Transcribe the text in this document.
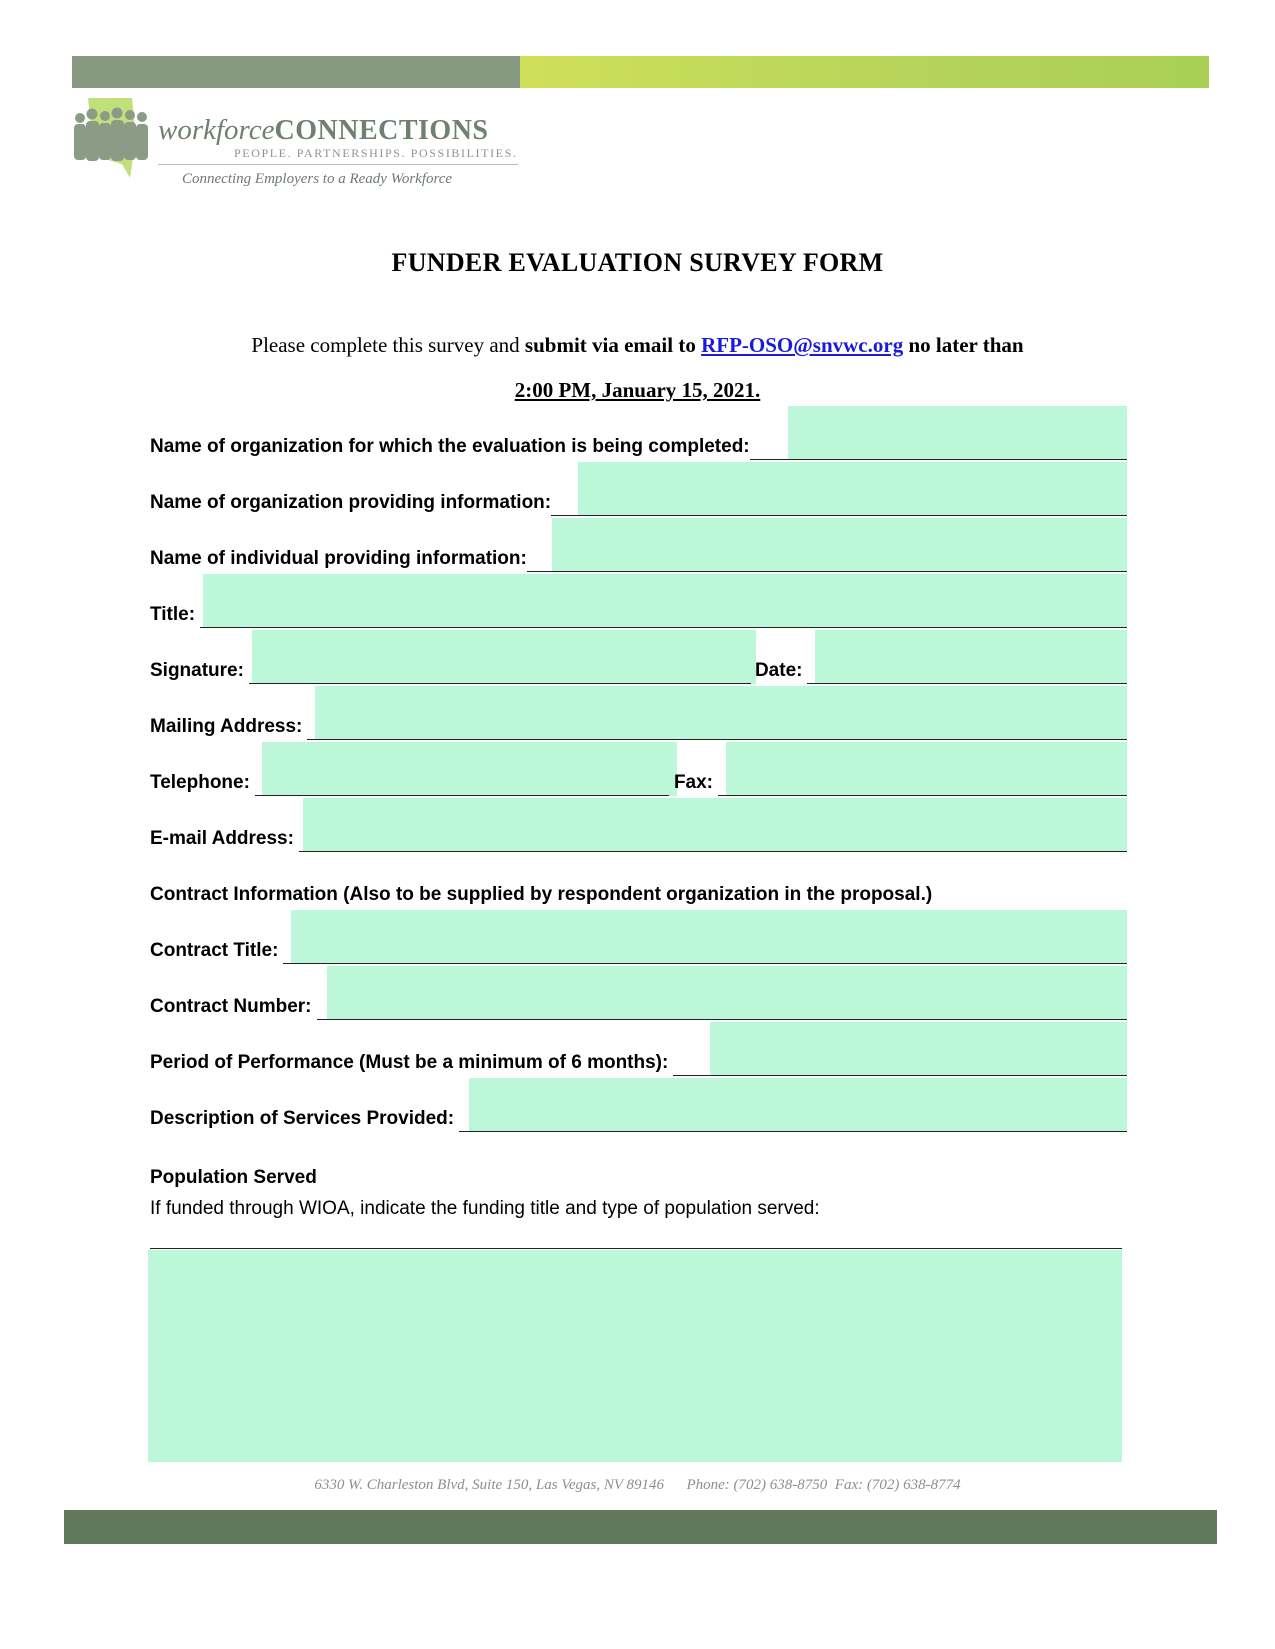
workforceCONNECTIONS
PEOPLE. PARTNERSHIPS. POSSIBILITIES.
Connecting Employers to a Ready Workforce
FUNDER EVALUATION SURVEY FORM
Please complete this survey and submit via email to RFP-OSO@snvwc.org no later than
2:00 PM, January 15, 2021.
Name of organization for which the evaluation is being completed:
Name of organization providing information:
Name of individual providing information:
Title:
Signature:	Date:
Mailing Address:
Telephone:	Fax:
E-mail Address:
Contract Information (Also to be supplied by respondent organization in the proposal.)
Contract Title:
Contract Number:
Period of Performance (Must be a minimum of 6 months):
Description of Services Provided:
Population Served
If funded through WIOA, indicate the funding title and type of population served:
6330 W. Charleston Blvd, Suite 150, Las Vegas, NV 89146 Phone: (702) 638-8750 Fax: (702) 638-8774
